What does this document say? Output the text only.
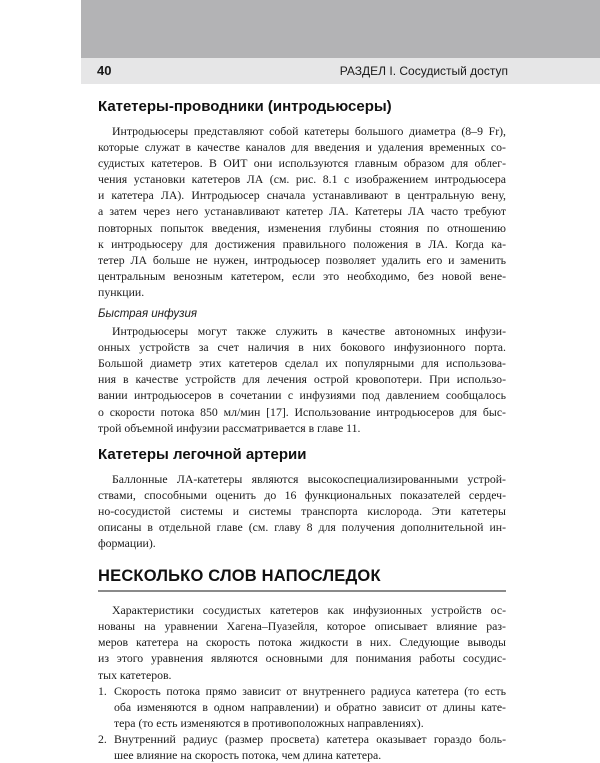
40	РАЗДЕЛ I. Сосудистый доступ
Катетеры-проводники (интродьюсеры)
Интродьюсеры представляют собой катетеры большого диаметра (8–9 Fr),
которые служат в качестве каналов для введения и удаления временных со-
судистых катетеров. В ОИТ они используются главным образом для облег-
чения установки катетеров ЛА (см. рис. 8.1 с изображением интродьюсера
и катетера ЛА). Интродьюсер сначала устанавливают в центральную вену,
а затем через него устанавливают катетер ЛА. Катетеры ЛА часто требуют
повторных попыток введения, изменения глубины стояния по отношению
к интродьюсеру для достижения правильного положения в ЛА. Когда ка-
тетер ЛА больше не нужен, интродьюсер позволяет удалить его и заменить
центральным венозным катетером, если это необходимо, без новой вене-
пункции.

Быстрая инфузия

Интродьюсеры могут также служить в качестве автономных инфузи-
онных устройств за счет наличия в них бокового инфузионного порта.
Большой диаметр этих катетеров сделал их популярными для использова-
ния в качестве устройств для лечения острой кровопотери. При использо-
вании интродьюсеров в сочетании с инфузиями под давлением сообщалось
о скорости потока 850 мл/мин [17]. Использование интродьюсеров для быс-
трой объемной инфузии рассматривается в главе 11.
Катетеры легочной артерии
Баллонные ЛА-катетеры являются высокоспециализированными устрой-
ствами, способными оценить до 16 функциональных показателей сердеч-
но-сосудистой системы и системы транспорта кислорода. Эти катетеры
описаны в отдельной главе (см. главу 8 для получения дополнительной ин-
формации).
НЕСКОЛЬКО СЛОВ НАПОСЛЕДОК
Характеристики сосудистых катетеров как инфузионных устройств ос-
нованы на уравнении Хагена–Пуазейля, которое описывает влияние раз-
меров катетера на скорость потока жидкости в них. Следующие выводы
из этого уравнения являются основными для понимания работы сосудис-
тых катетеров.
1. Скорость потока прямо зависит от внутреннего радиуса катетера (то есть
оба изменяются в одном направлении) и обратно зависит от длины кате-
тера (то есть изменяются в противоположных направлениях).
2. Внутренний радиус (размер просвета) катетера оказывает гораздо боль-
шее влияние на скорость потока, чем длина катетера.
